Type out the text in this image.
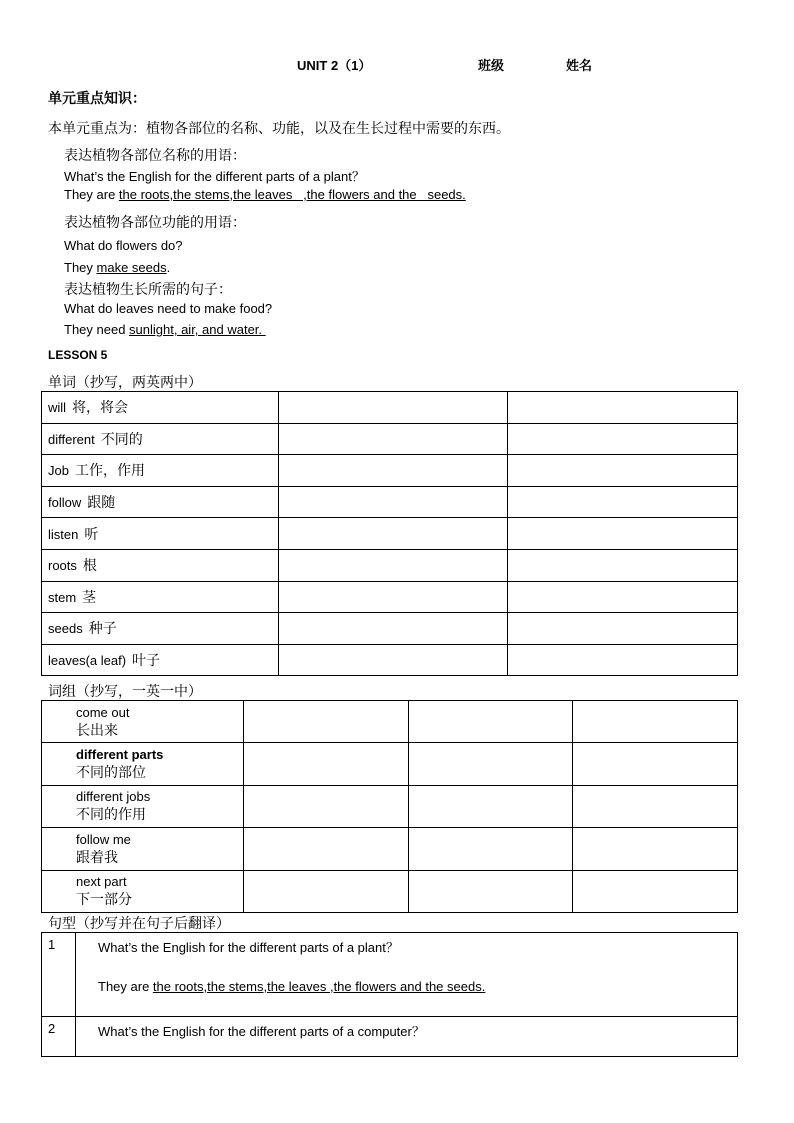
UNIT 2（1）	班级	姓名
单元重点知识：
本单元重点为：植物各部位的名称、功能，以及在生长过程中需要的东西。
表达植物各部位名称的用语：
What’s the English for the different parts of a plant？
They are the roots,the stems,the leaves   ,the flowers and the   seeds.
表达植物各部位功能的用语：
What do flowers do?
They make seeds.
表达植物生长所需的句子：
What do leaves need to make food?
They need sunlight, air, and water.
LESSON 5
单词（抄写，两英两中）
will 将，将会		
different 不同的		
Job 工作，作用		
follow 跟随		
listen 听		
roots 根		
stem 茎		
seeds 种子		
leaves(a leaf) 叶子		
词组（抄写，一英一中）
come out
长出来			

different parts
不同的部位			

different jobs
不同的作用			

follow me
跟着我			

next part
下一部分			

句型（抄写并在句子后翻译）
1	What’s the English for the different parts of a plant？
They are the roots,the stems,the leaves ,the flowers and the seeds.

2	What’s the English for the different parts of a computer？
